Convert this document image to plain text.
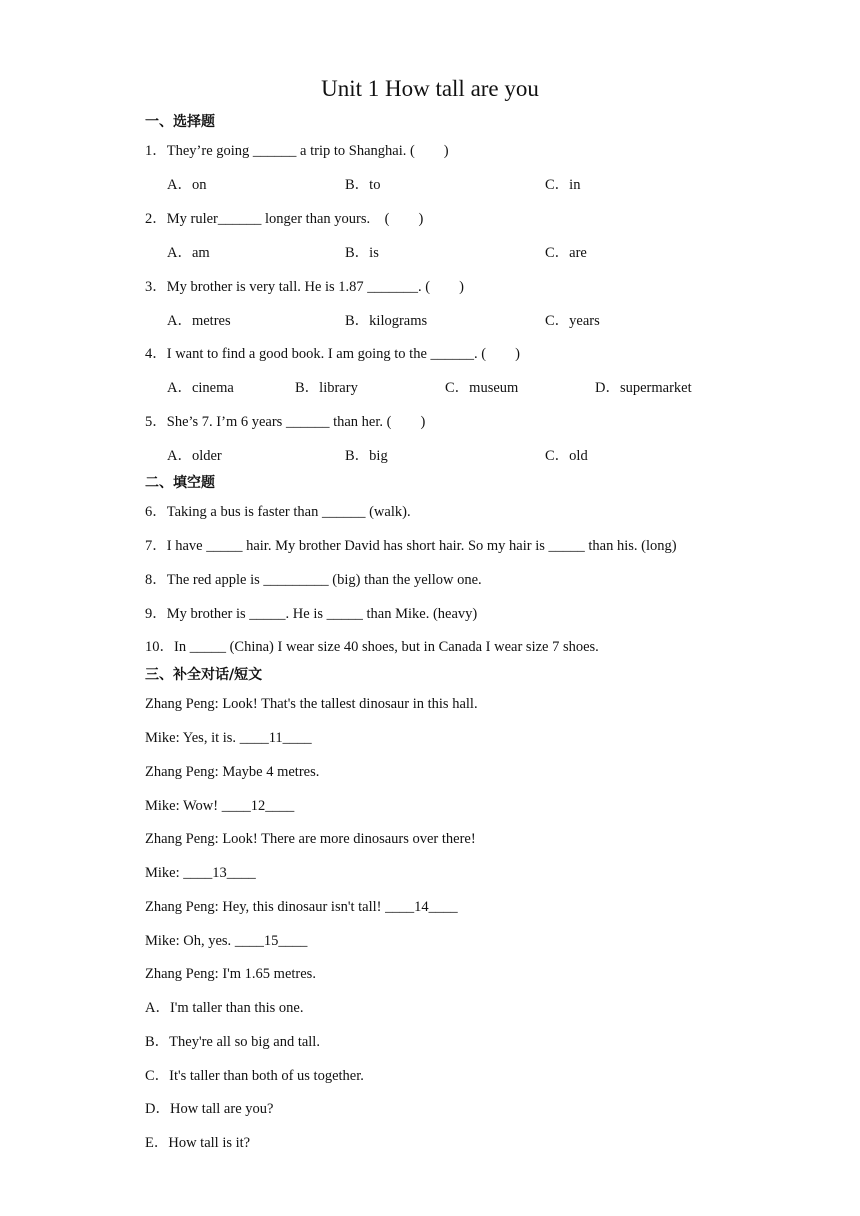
Unit 1 How tall are you
一、选择题
1．They’re going ______ a trip to Shanghai. (　　)
A．on	B．to	C．in
2．My ruler______ longer than yours.　(　　)
A．am	B．is	C．are
3．My brother is very tall. He is 1.87 _______. (　　)
A．metres	B．kilograms	C．years
4．I want to find a good book. I am going to the ______. (　　)
A．cinema	B．library	C．museum	D．supermarket
5．She’s 7. I’m 6 years ______ than her. (　　)
A．older	B．big	C．old
二、填空题
6．Taking a bus is faster than ______ (walk).
7．I have _____ hair. My brother David has short hair. So my hair is _____ than his. (long)
8．The red apple is _________ (big) than the yellow one.
9．My brother is _____. He is _____ than Mike. (heavy)
10．In _____ (China) I wear size 40 shoes, but in Canada I wear size 7 shoes.
三、补全对话/短文
Zhang Peng: Look! That's the tallest dinosaur in this hall.
Mike: Yes, it is. ____11____
Zhang Peng: Maybe 4 metres.
Mike: Wow! ____12____
Zhang Peng: Look! There are more dinosaurs over there!
Mike: ____13____
Zhang Peng: Hey, this dinosaur isn't tall! ____14____
Mike: Oh, yes. ____15____
Zhang Peng: I'm 1.65 metres.
A．I'm taller than this one.
B．They're all so big and tall.
C．It's taller than both of us together.
D．How tall are you?
E．How tall is it?
